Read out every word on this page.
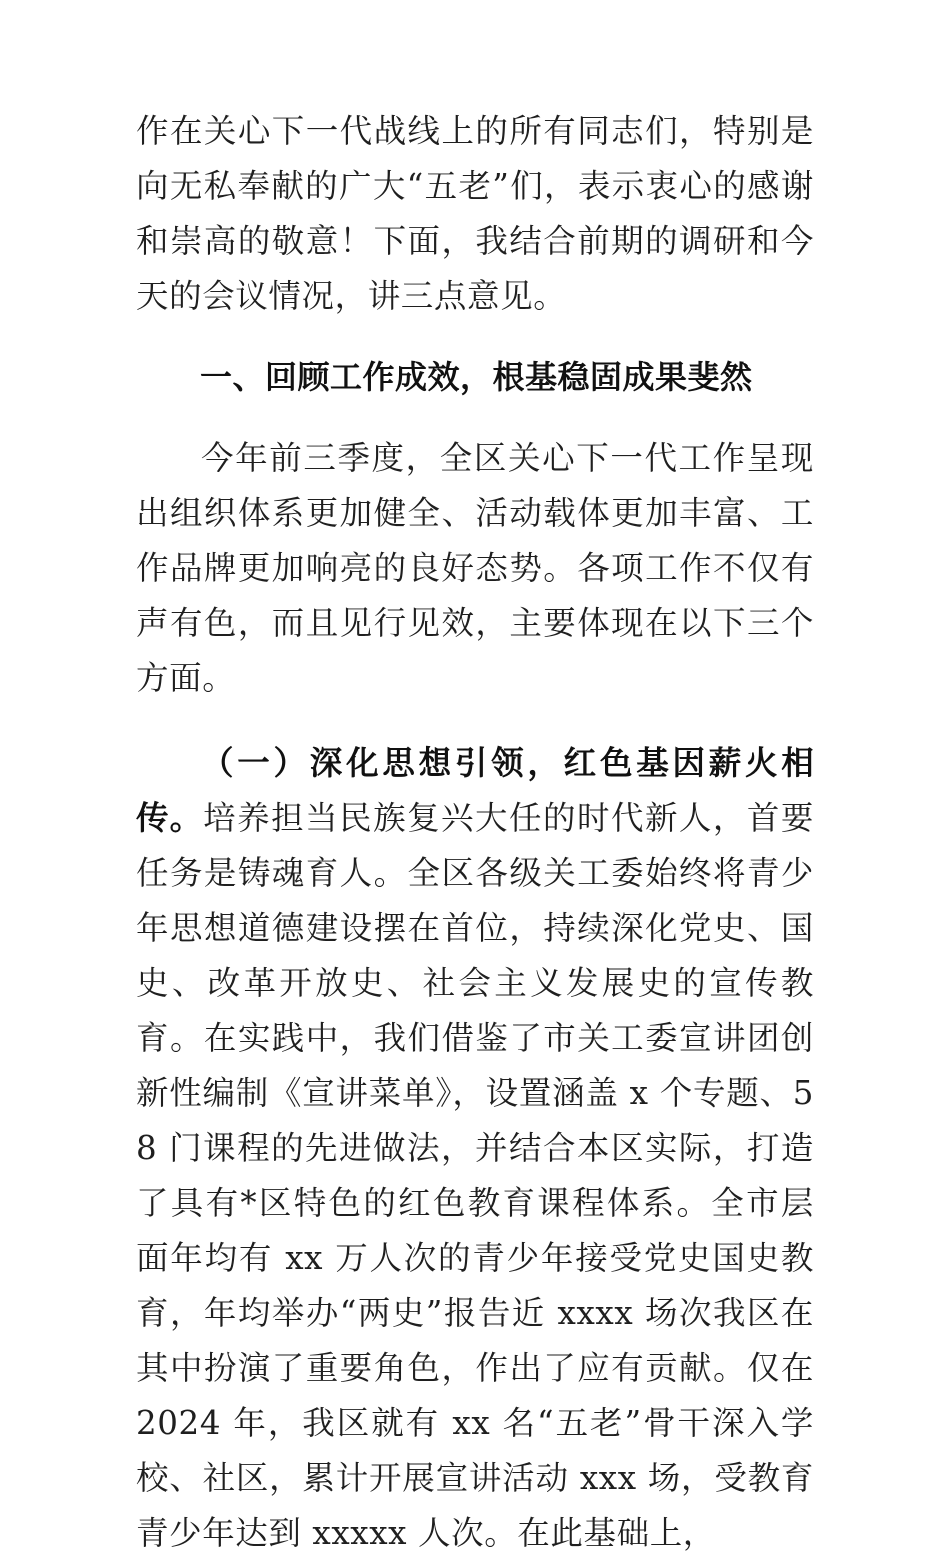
作在关心下一代战线上的所有同志们，特别是向无私奉献的广大“五老”们，表示衷心的感谢和崇高的敬意！下面，我结合前期的调研和今天的会议情况，讲三点意见。

一、回顾工作成效，根基稳固成果斐然

今年前三季度，全区关心下一代工作呈现出组织体系更加健全、活动载体更加丰富、工作品牌更加响亮的良好态势。各项工作不仅有声有色，而且见行见效，主要体现在以下三个方面。

（一）深化思想引领，红色基因薪火相传。培养担当民族复兴大任的时代新人，首要任务是铸魂育人。全区各级关工委始终将青少年思想道德建设摆在首位，持续深化党史、国史、改革开放史、社会主义发展史的宣传教育。在实践中，我们借鉴了市关工委宣讲团创新性编制《宣讲菜单》，设置涵盖 x 个专题、58 门课程的先进做法，并结合本区实际，打造了具有*区特色的红色教育课程体系。全市层面年均有 xx 万人次的青少年接受党史国史教育，年均举办“两史”报告近 xxxx 场次我区在其中扮演了重要角色，作出了应有贡献。仅在 2024 年，我区就有 xx 名“五老”骨干深入学校、社区，累计开展宣讲活动 xxx 场，受教育青少年达到 xxxxx 人次。在此基础上，
